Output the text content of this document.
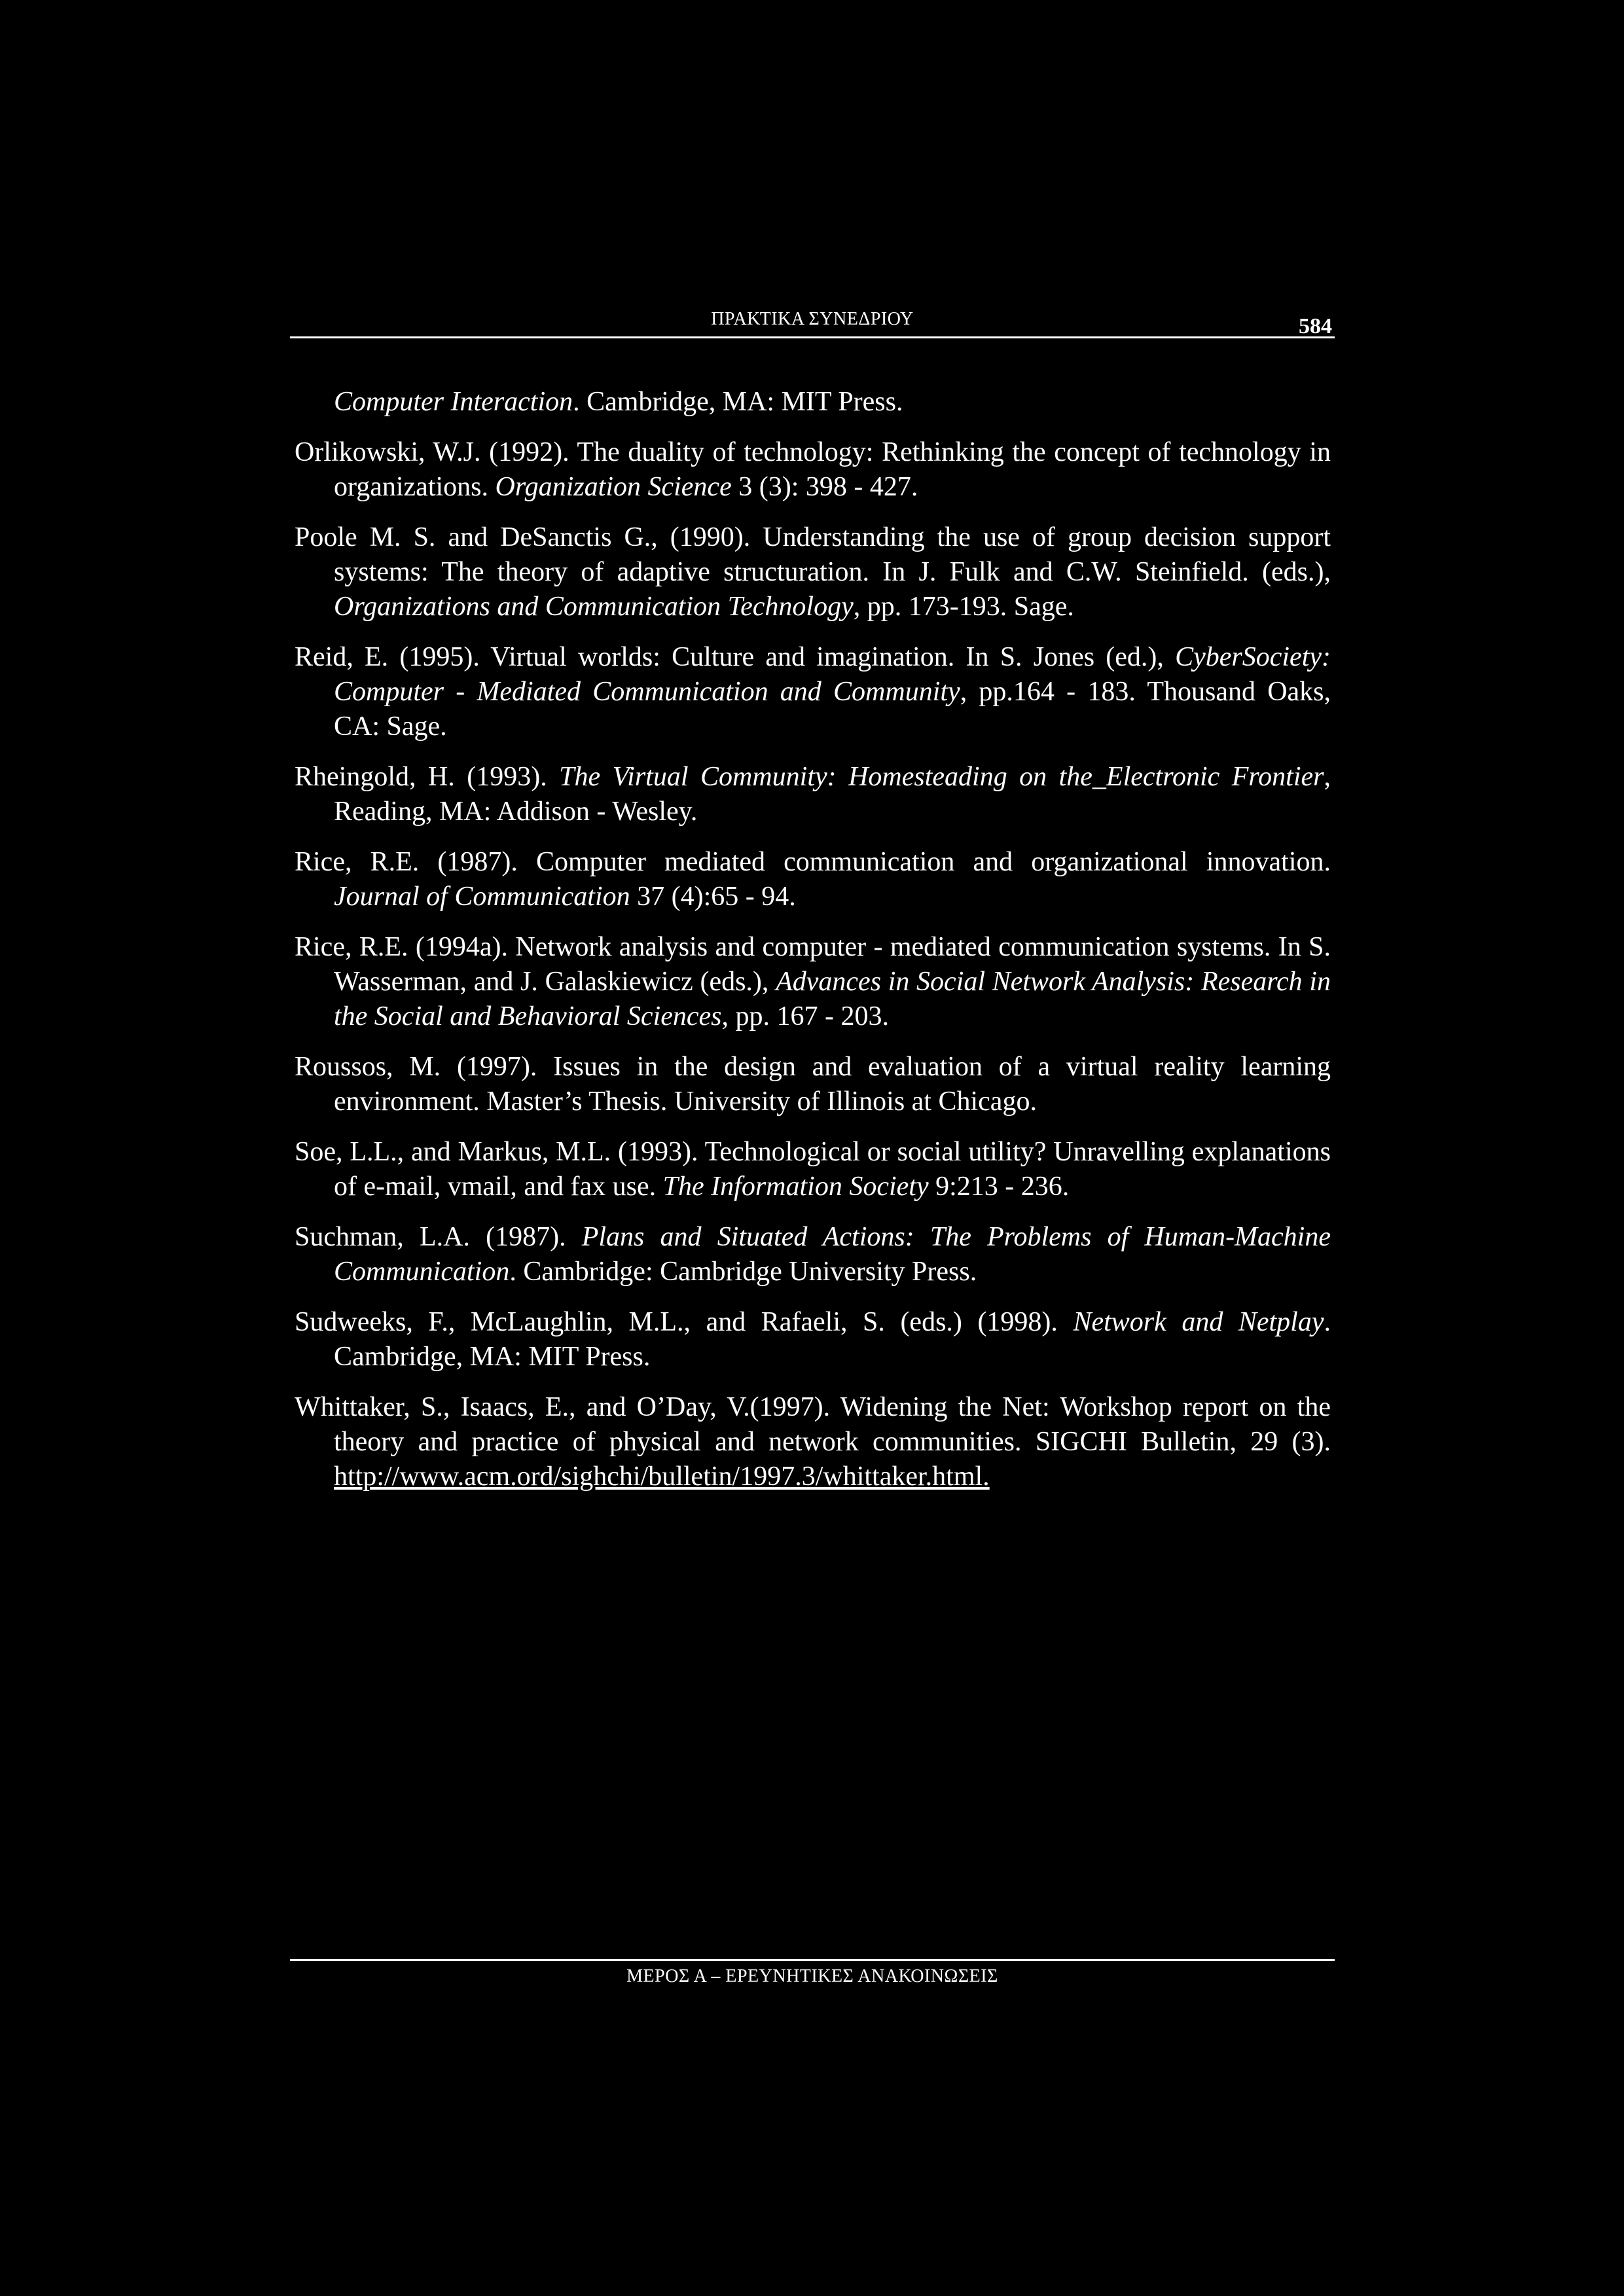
ΠΡΑΚΤΙΚΑ ΣΥΝΕΔΡΙΟΥ	584

Computer Interaction. Cambridge, MA: MIT Press.

Orlikowski, W.J. (1992). The duality of technology: Rethinking the concept of technology in organizations. Organization Science 3 (3): 398 - 427.

Poole M. S. and DeSanctis G., (1990). Understanding the use of group decision support systems: The theory of adaptive structuration. In J. Fulk and C.W. Steinfield. (eds.), Organizations and Communication Technology, pp. 173-193. Sage.

Reid, E. (1995). Virtual worlds: Culture and imagination. In S. Jones (ed.), CyberSociety: Computer - Mediated Communication and Community, pp.164 - 183. Thousand Oaks, CA: Sage.

Rheingold, H. (1993). The Virtual Community: Homesteading on the_Electronic Frontier, Reading, MA: Addison - Wesley.

Rice, R.E. (1987). Computer mediated communication and organizational innovation. Journal of Communication 37 (4):65 - 94.

Rice, R.E. (1994a). Network analysis and computer - mediated communication systems. In S. Wasserman, and J. Galaskiewicz (eds.), Advances in Social Network Analysis: Research in the Social and Behavioral Sciences, pp. 167 - 203.

Roussos, M. (1997). Issues in the design and evaluation of a virtual reality learning environment. Master’s Thesis. University of Illinois at Chicago.

Soe, L.L., and Markus, M.L. (1993). Technological or social utility? Unravelling explanations of e-mail, vmail, and fax use. The Information Society 9:213 - 236.

Suchman, L.A. (1987). Plans and Situated Actions: The Problems of Human-Machine Communication. Cambridge: Cambridge University Press.

Sudweeks, F., McLaughlin, M.L., and Rafaeli, S. (eds.) (1998). Network and Netplay. Cambridge, MA: MIT Press.

Whittaker, S., Isaacs, E., and O’Day, V.(1997). Widening the Net: Workshop report on the theory and practice of physical and network communities. SIGCHI Bulletin, 29 (3). http://www.acm.ord/sighchi/bulletin/1997.3/whittaker.html.

ΜΕΡΟΣ Α – ΕΡΕΥΝΗΤΙΚΕΣ ΑΝΑΚΟΙΝΩΣΕΙΣ
